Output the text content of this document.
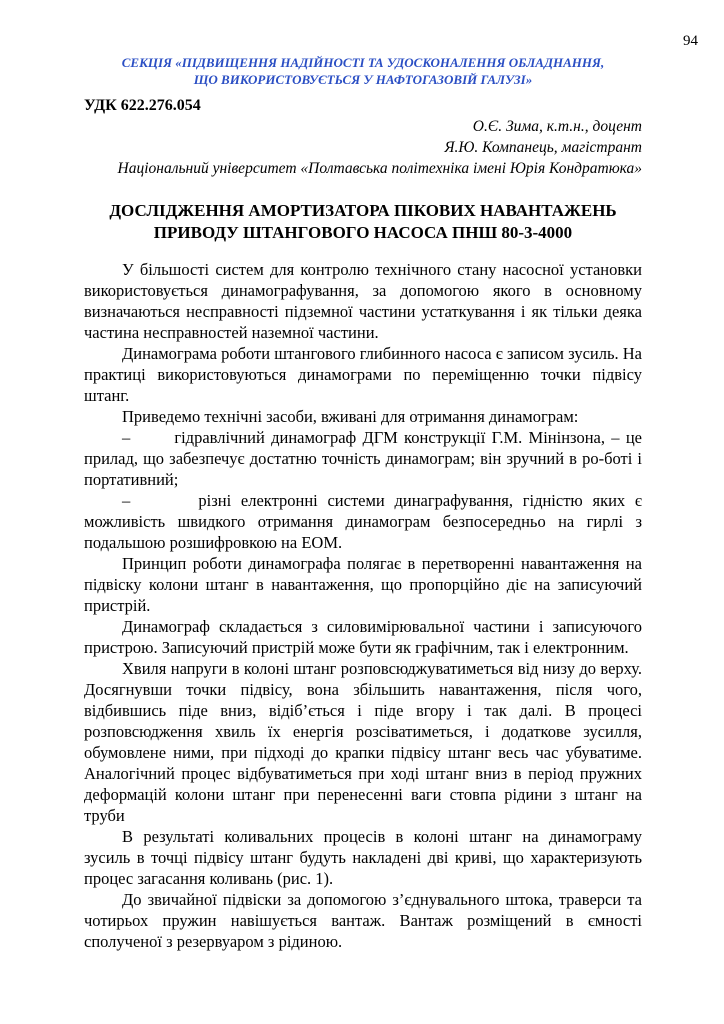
94
СЕКЦІЯ «ПІДВИЩЕННЯ НАДІЙНОСТІ ТА УДОСКОНАЛЕННЯ ОБЛАДНАННЯ,
ЩО ВИКОРИСТОВУЄТЬСЯ У НАФТОГАЗОВІЙ ГАЛУЗІ»
УДК 622.276.054
О.Є. Зима, к.т.н., доцент
Я.Ю. Компанець, магістрант
Національний університет «Полтавська політехніка імені Юрія Кондратюка»
ДОСЛІДЖЕННЯ АМОРТИЗАТОРА ПІКОВИХ НАВАНТАЖЕНЬ
ПРИВОДУ ШТАНГОВОГО НАСОСА ПНШ 80-3-4000

У більшості систем для контролю технічного стану насосної установки використовується динамографування, за допомогою якого в основному визначаються несправності підземної частини устаткування і як тільки деяка частина несправностей наземної частини.

Динамограма роботи штангового глибинного насоса є записом зусиль. На практиці використовуються динамограми по переміщенню точки підвісу штанг.

Приведемо технічні засоби, вживані для отримання динамограм:

–       гідравлічний динамограф ДГМ конструкції Г.М. Мінінзона, – це прилад, що забезпечує достатню точність динамограм; він зручний в ро-боті і портативний;

–       різні електронні системи динаграфування, гідністю яких є можливість швидкого отримання динамограм безпосередньо на гирлі з подальшою розшифровкою на ЕОМ.

Принцип роботи динамографа полягає в перетворенні навантаження на підвіску колони штанг в навантаження, що пропорційно діє на записуючий пристрій.

Динамограф складається з силовимірювальної частини і записуючого пристрою. Записуючий пристрій може бути як графічним, так і електронним.

Хвиля напруги в колоні штанг розповсюджуватиметься від низу до верху. Досягнувши точки підвісу, вона збільшить навантаження, після чого, відбившись піде вниз, відіб’ється і піде вгору і так далі. В процесі розповсюдження хвиль їх енергія розсіватиметься, і додаткове зусилля, обумовлене ними, при підході до крапки підвісу штанг весь час убуватиме. Аналогічний процес відбуватиметься при ході штанг вниз в період пружних деформацій колони штанг при перенесенні ваги стовпа рідини з штанг на труби

В результаті коливальних процесів в колоні штанг на динамограму зусиль в точці підвісу штанг будуть накладені дві криві, що характеризують процес загасання коливань (рис. 1).

До звичайної підвіски за допомогою з’єднувального штока, траверси та чотирьох пружин навішується вантаж. Вантаж розміщений в ємності сполученої з резервуаром з рідиною.
